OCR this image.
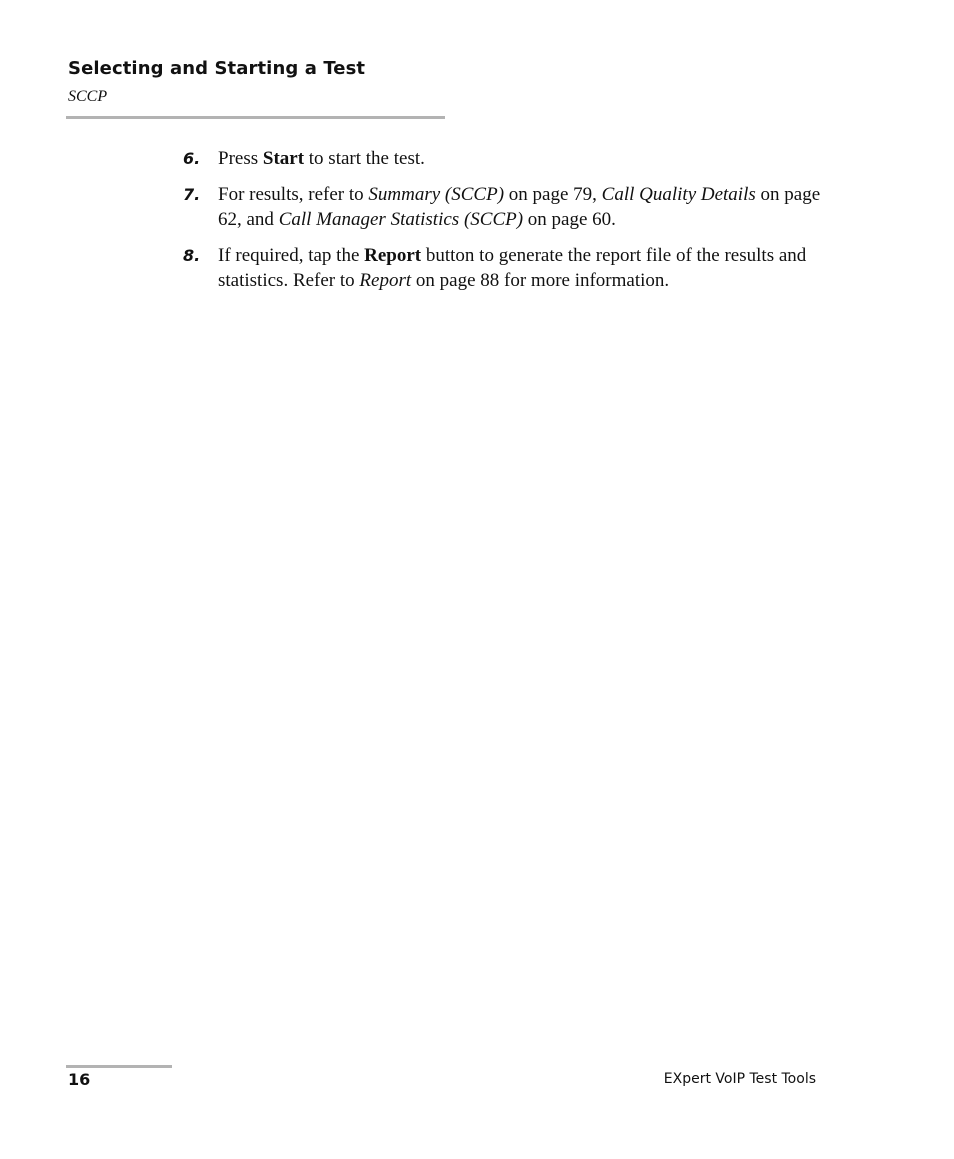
Selecting and Starting a Test
SCCP
6. Press Start to start the test.
7. For results, refer to Summary (SCCP) on page 79, Call Quality Details on page 62, and Call Manager Statistics (SCCP) on page 60.
8. If required, tap the Report button to generate the report file of the results and statistics. Refer to Report on page 88 for more information.
16	EXpert VoIP Test Tools
